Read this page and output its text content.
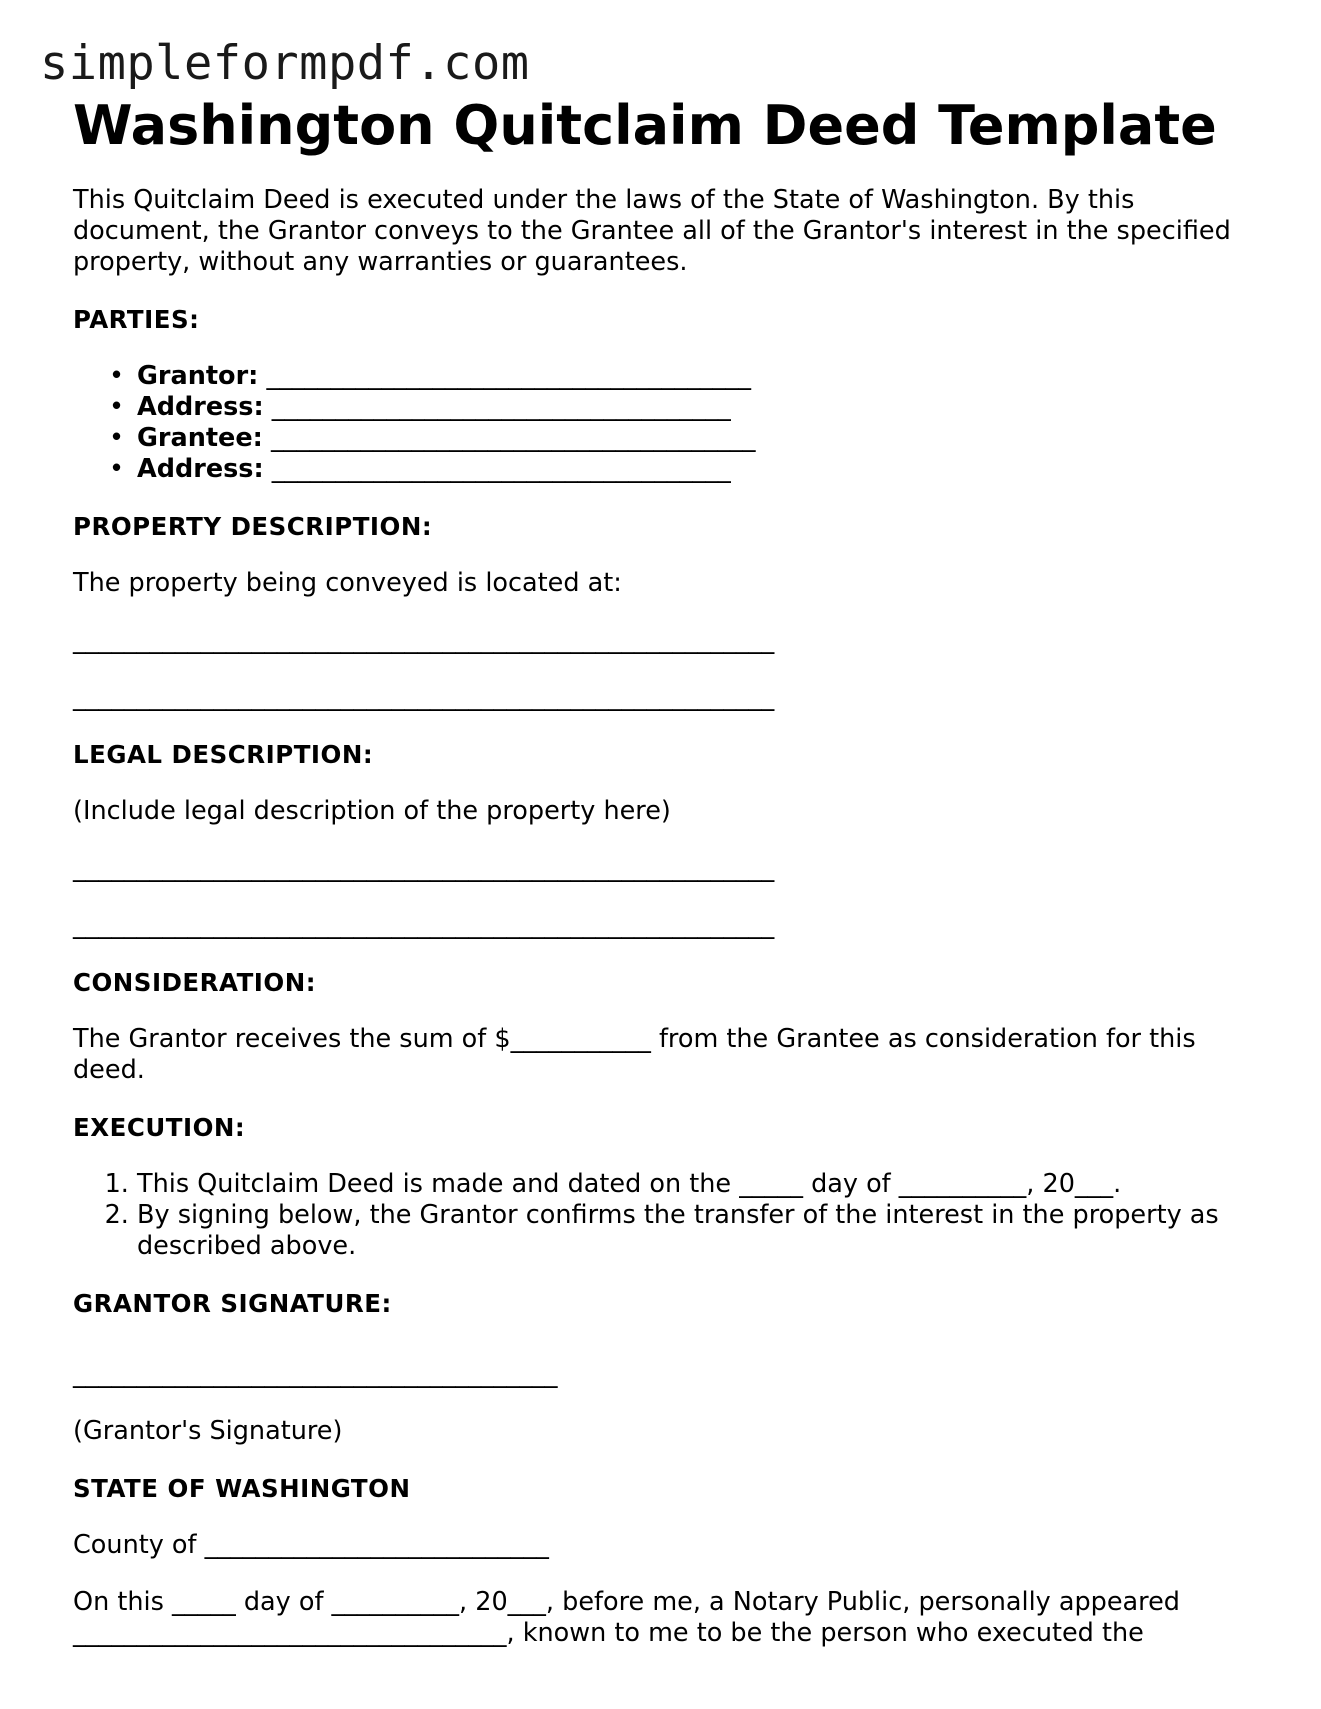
simpleformpdf.com
Washington Quitclaim Deed Template

This Quitclaim Deed is executed under the laws of the State of Washington. By this document, the Grantor conveys to the Grantee all of the Grantor's interest in the specified property, without any warranties or guarantees.

PARTIES:
• Grantor: ______________________________________
• Address: ____________________________________
• Grantee: ______________________________________
• Address: ____________________________________
PROPERTY DESCRIPTION:

The property being conveyed is located at:

_______________________________________________________
_______________________________________________________
LEGAL DESCRIPTION:

(Include legal description of the property here)

_______________________________________________________
_______________________________________________________
CONSIDERATION:

The Grantor receives the sum of $___________ from the Grantee as consideration for this deed.

EXECUTION:
1. This Quitclaim Deed is made and dated on the _____ day of __________, 20___.
2. By signing below, the Grantor confirms the transfer of the interest in the property as described above.
GRANTOR SIGNATURE:
______________________________________

(Grantor's Signature)

STATE OF WASHINGTON

County of ___________________________

On this _____ day of __________, 20___, before me, a Notary Public, personally appeared __________________________________, known to me to be the person who executed the
